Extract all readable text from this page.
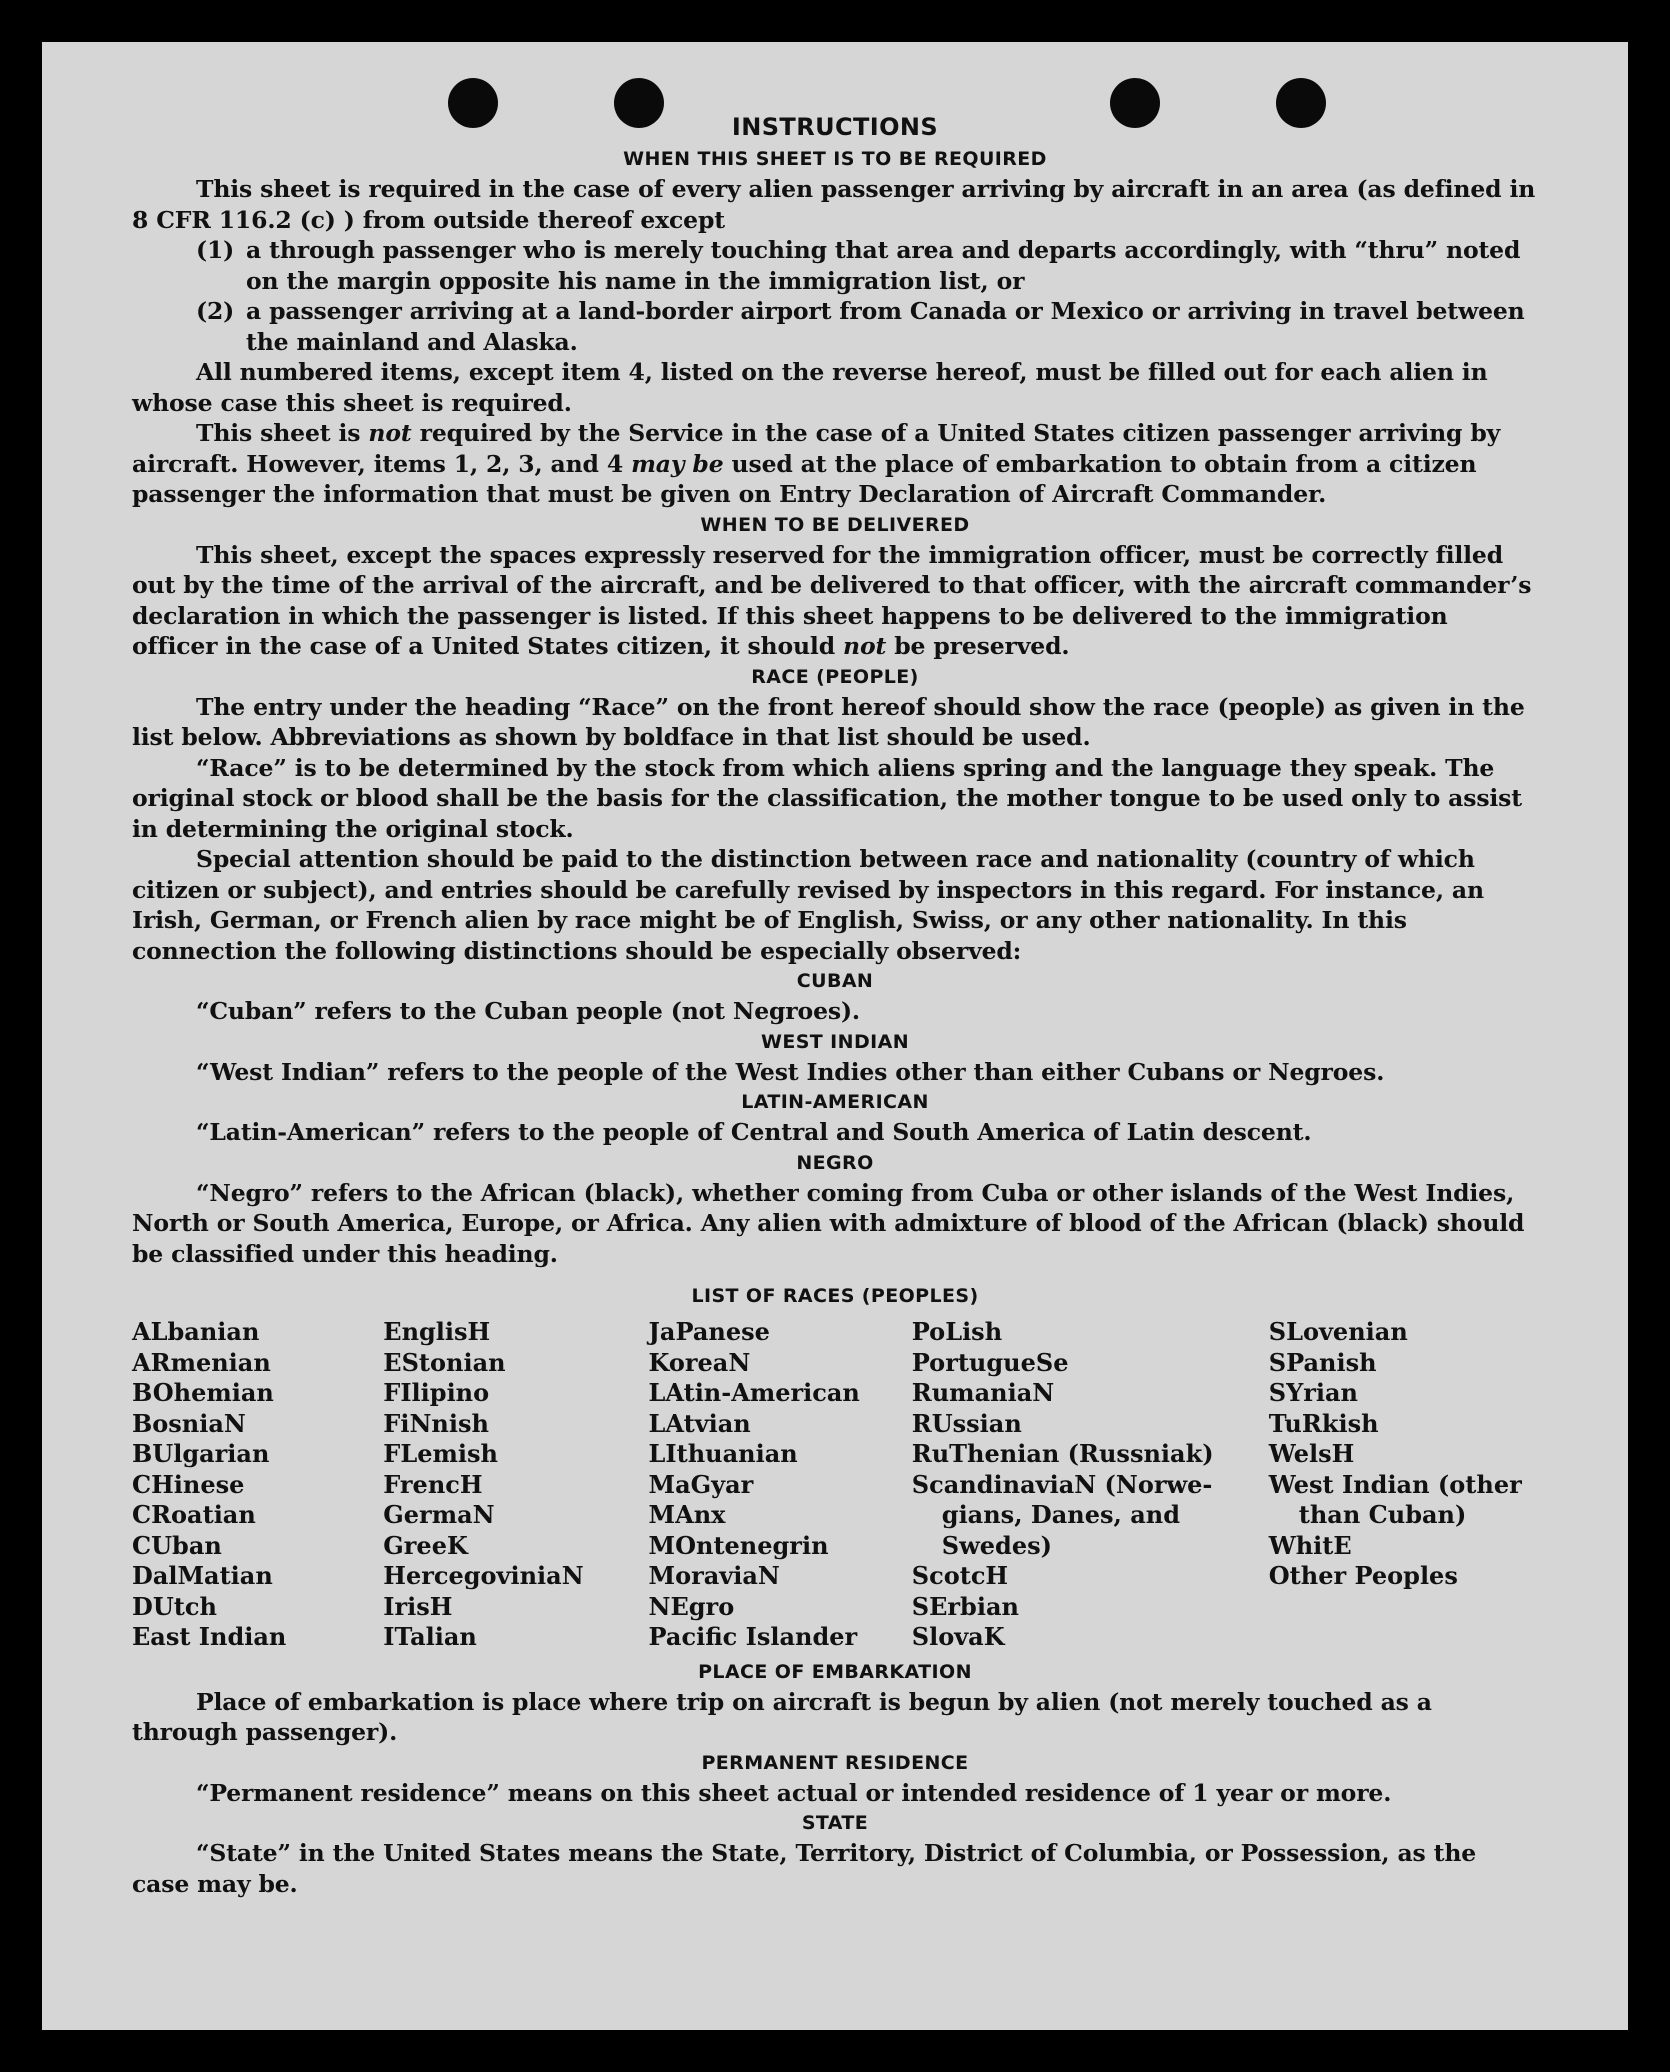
INSTRUCTIONS

WHEN THIS SHEET IS TO BE REQUIRED

This sheet is required in the case of every alien passenger arriving by aircraft in an area (as defined in 8 CFR 116.2 (c) ) from outside thereof except

(1) a through passenger who is merely touching that area and departs accordingly, with “thru” noted on the margin opposite his name in the immigration list, or
(2) a passenger arriving at a land-border airport from Canada or Mexico or arriving in travel between the mainland and Alaska.

All numbered items, except item 4, listed on the reverse hereof, must be filled out for each alien in whose case this sheet is required.

This sheet is not required by the Service in the case of a United States citizen passenger arriving by aircraft. However, items 1, 2, 3, and 4 may be used at the place of embarkation to obtain from a citizen passenger the information that must be given on Entry Declaration of Aircraft Commander.

WHEN TO BE DELIVERED

This sheet, except the spaces expressly reserved for the immigration officer, must be correctly filled out by the time of the arrival of the aircraft, and be delivered to that officer, with the aircraft commander’s declaration in which the passenger is listed. If this sheet happens to be delivered to the immigration officer in the case of a United States citizen, it should not be preserved.

RACE (PEOPLE)

The entry under the heading “Race” on the front hereof should show the race (people) as given in the list below. Abbreviations as shown by boldface in that list should be used.

“Race” is to be determined by the stock from which aliens spring and the language they speak. The original stock or blood shall be the basis for the classification, the mother tongue to be used only to assist in determining the original stock.

Special attention should be paid to the distinction between race and nationality (country of which citizen or subject), and entries should be carefully revised by inspectors in this regard. For instance, an Irish, German, or French alien by race might be of English, Swiss, or any other nationality. In this connection the following distinctions should be especially observed:

CUBAN

“Cuban” refers to the Cuban people (not Negroes).

WEST INDIAN

“West Indian” refers to the people of the West Indies other than either Cubans or Negroes.

LATIN-AMERICAN

“Latin-American” refers to the people of Central and South America of Latin descent.

NEGRO

“Negro” refers to the African (black), whether coming from Cuba or other islands of the West Indies, North or South America, Europe, or Africa. Any alien with admixture of blood of the African (black) should be classified under this heading.

LIST OF RACES (PEOPLES)

ALbanian
ARmenian
BOhemian
BosniaN
BUlgarian
CHinese
CRoatian
CUban
DalMatian
DUtch
East Indian
EnglisH
EStonian
FIlipino
FiNnish
FLemish
FrencH
GermaN
GreeK
HercegoviniaN
IrisH
ITalian
JaPanese
KoreaN
LAtin-American
LAtvian
LIthuanian
MaGyar
MAnx
MOntenegrin
MoraviaN
NEgro
Pacific Islander
PoLish
PortugueSe
RumaniaN
RUssian
RuThenian (Russniak)
ScandinaviaN (Norwe-
gians, Danes, and
Swedes)
ScotcH
SErbian
SlovaK
SLovenian
SPanish
SYrian
TuRkish
WelsH
West Indian (other
than Cuban)
WhitE
Other Peoples

PLACE OF EMBARKATION

Place of embarkation is place where trip on aircraft is begun by alien (not merely touched as a through passenger).

PERMANENT RESIDENCE

“Permanent residence” means on this sheet actual or intended residence of 1 year or more.

STATE

“State” in the United States means the State, Territory, District of Columbia, or Possession, as the case may be.
